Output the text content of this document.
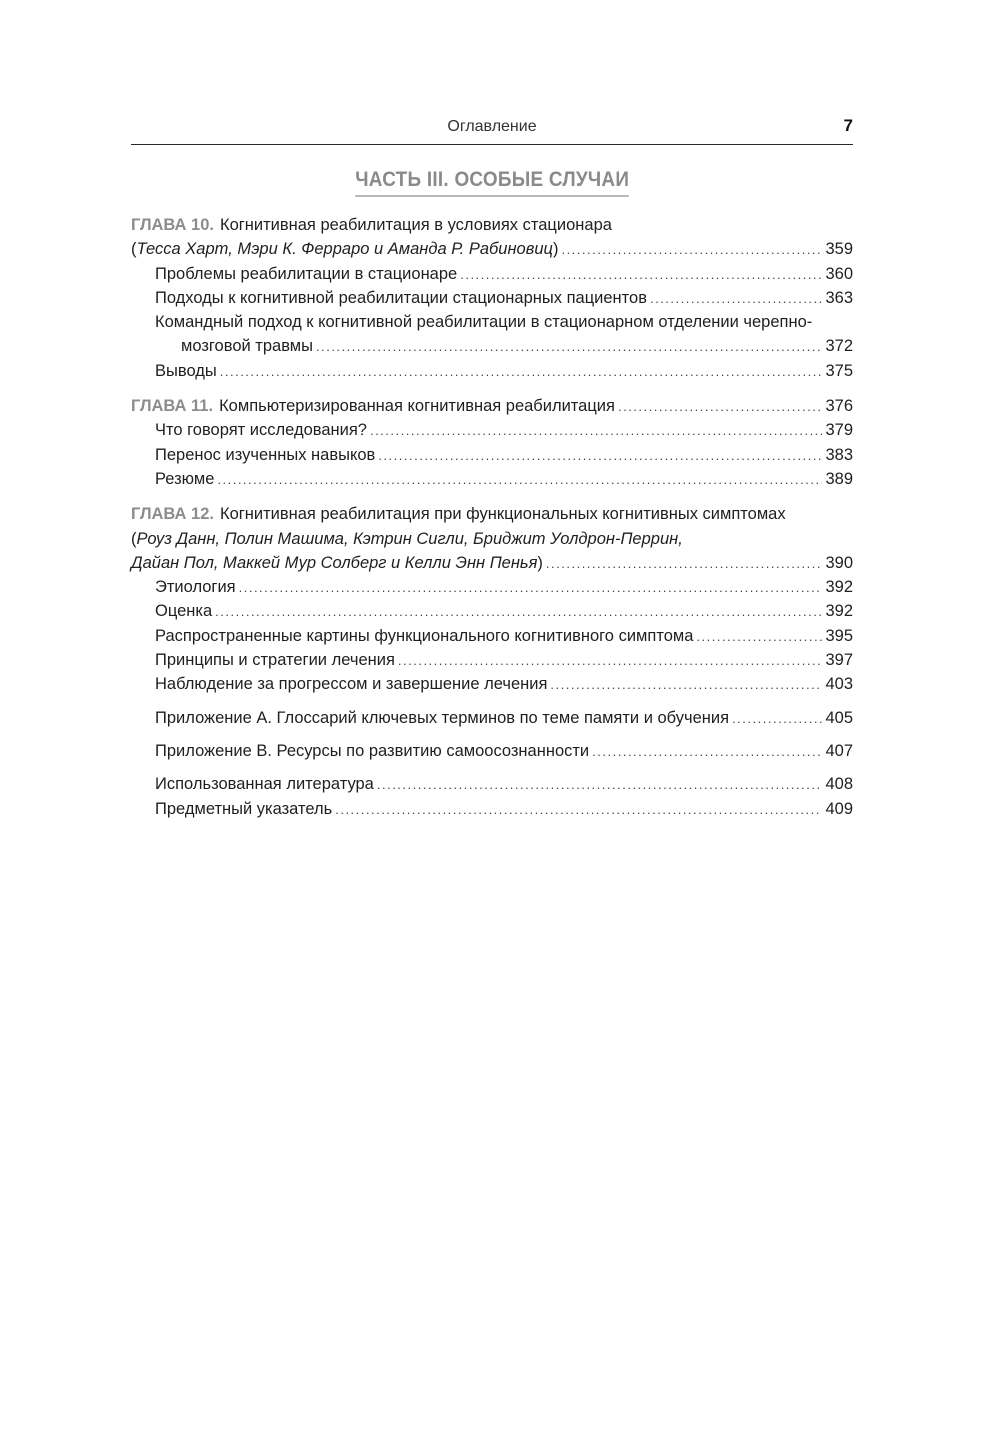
Оглавление	7
ЧАСТЬ III. ОСОБЫЕ СЛУЧАИ
ГЛАВА 10. Когнитивная реабилитация в условиях стационара
( Тесса Харт, Мэри К. Ферраро и Аманда Р. Рабиновиц ) .....	359
Проблемы реабилитации в стационаре .....	360
Подходы к когнитивной реабилитации стационарных пациентов .....	363
Командный подход к когнитивной реабилитации в стационарном отделении черепно-
мозговой травмы .....	372
Выводы .....	375
ГЛАВА 11. Компьютеризированная когнитивная реабилитация .....	376
Что говорят исследования? .....	379
Перенос изученных навыков .....	383
Резюме .....	389
ГЛАВА 12. Когнитивная реабилитация при функциональных когнитивных симптомах
( Роуз Данн, Полин Машима, Кэтрин Сигли, Бриджит Уолдрон-Перрин,
Дайан Пол, Маккей Мур Солберг и Келли Энн Пенья ) .....	390
Этиология .....	392
Оценка .....	392
Распространенные картины функционального когнитивного симптома .....	395
Принципы и стратегии лечения .....	397
Наблюдение за прогрессом и завершение лечения .....	403
Приложение A. Глоссарий ключевых терминов по теме памяти и обучения .....	405
Приложение B. Ресурсы по развитию самоосознанности .....	407
Использованная литература .....	408
Предметный указатель .....	409
